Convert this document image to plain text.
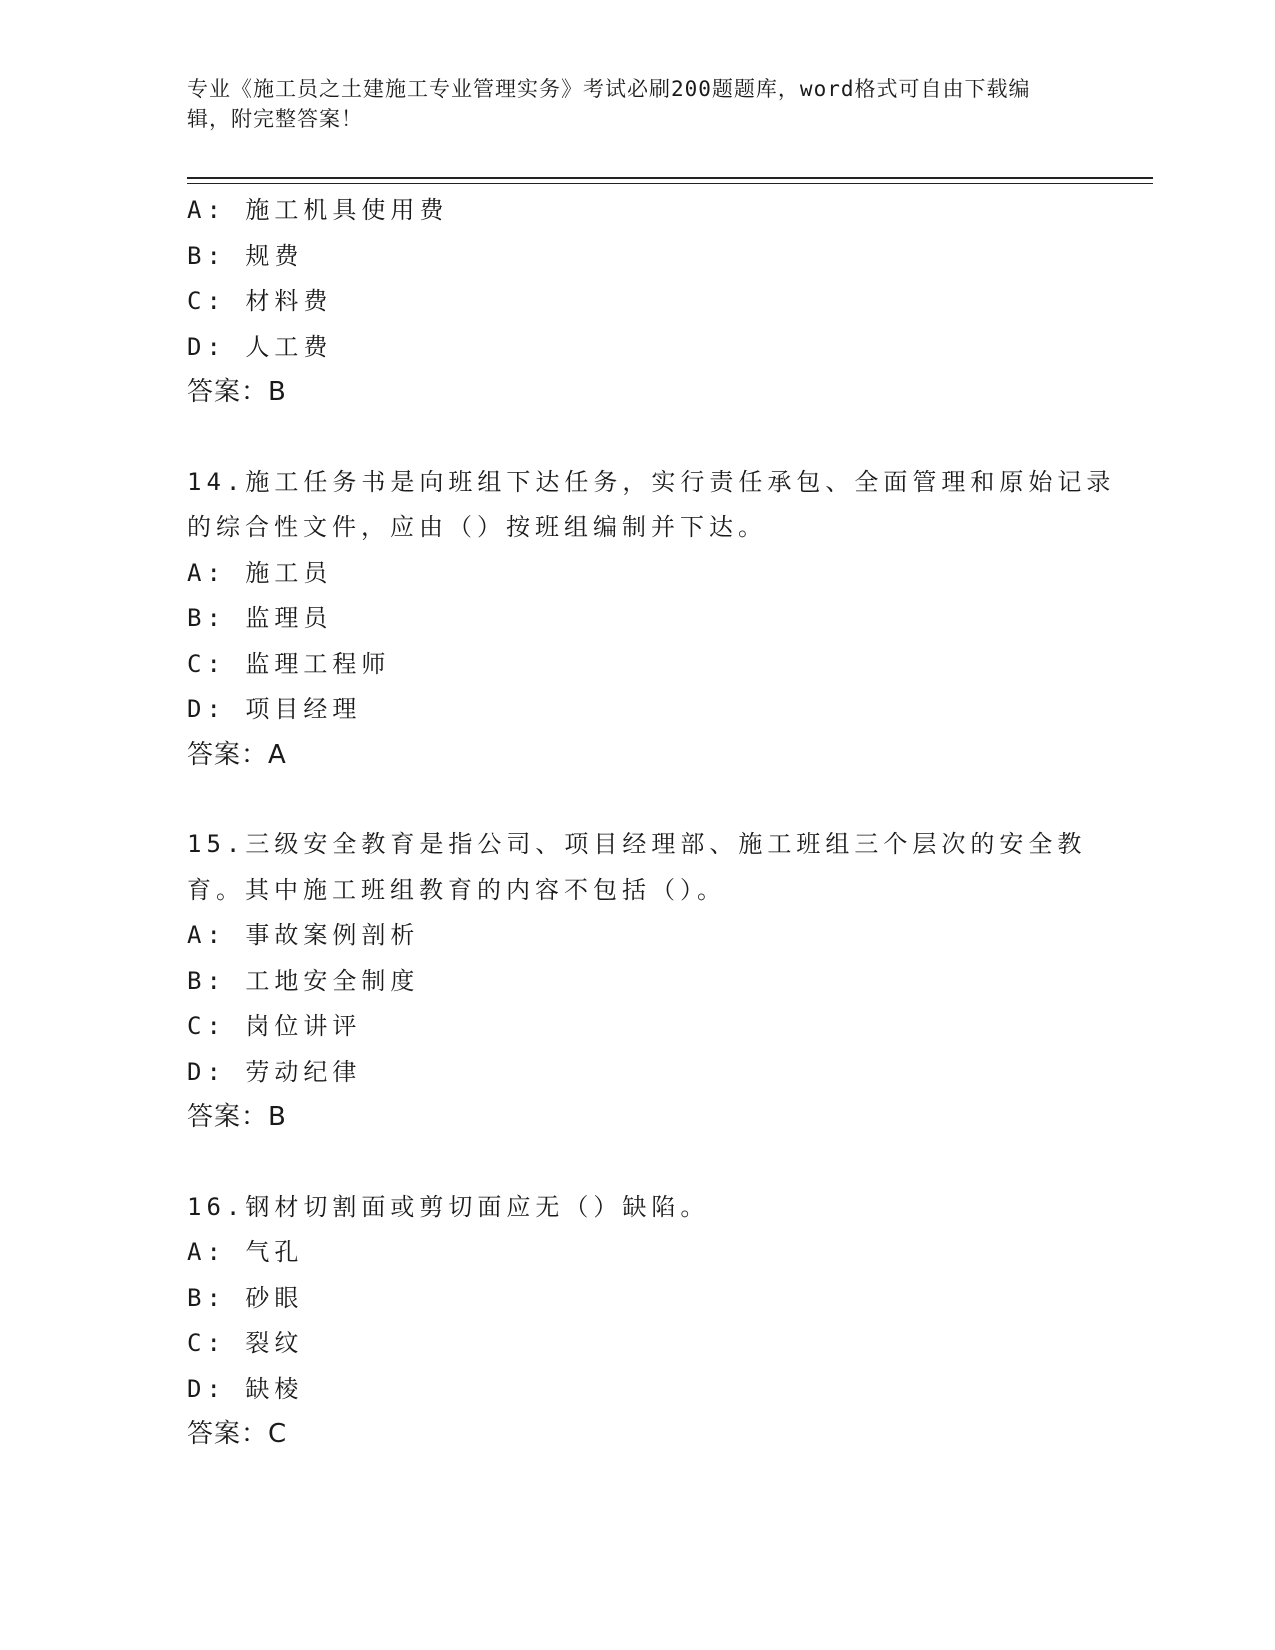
专业《施工员之土建施工专业管理实务》考试必刷200题题库，word格式可自由下载编辑，附完整答案！
A: 施工机具使用费
B: 规费
C: 材料费
D: 人工费
答案：B
14.施工任务书是向班组下达任务，实行责任承包、全面管理和原始记录的综合性文件，应由（）按班组编制并下达。
A: 施工员
B: 监理员
C: 监理工程师
D: 项目经理
答案：A
15.三级安全教育是指公司、项目经理部、施工班组三个层次的安全教育。其中施工班组教育的内容不包括（）。
A: 事故案例剖析
B: 工地安全制度
C: 岗位讲评
D: 劳动纪律
答案：B
16.钢材切割面或剪切面应无（）缺陷。
A: 气孔
B: 砂眼
C: 裂纹
D: 缺棱
答案：C
